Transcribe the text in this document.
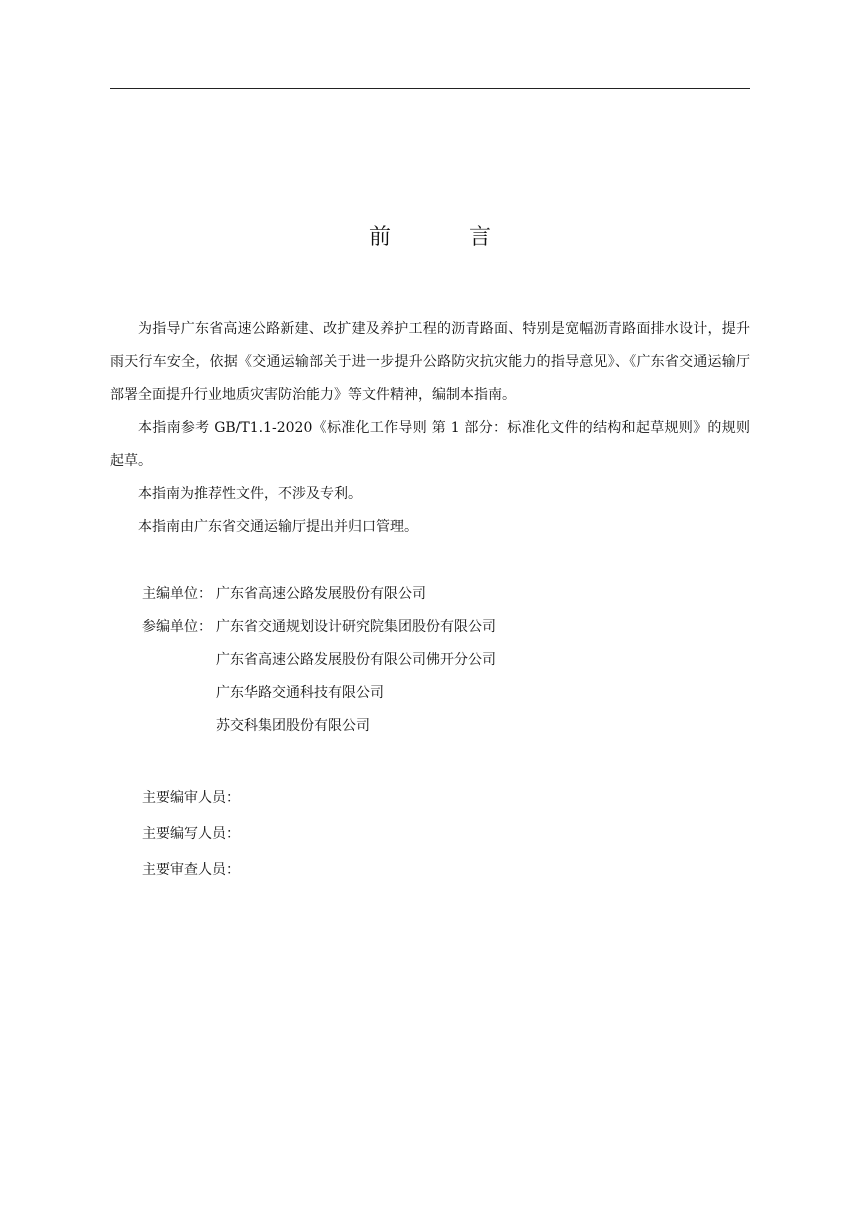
前　言

为指导广东省高速公路新建、改扩建及养护工程的沥青路面、特别是宽幅沥青路面排水设计，提升雨天行车安全，依据《交通运输部关于进一步提升公路防灾抗灾能力的指导意见》、《广东省交通运输厅部署全面提升行业地质灾害防治能力》等文件精神，编制本指南。

本指南参考 GB/T1.1-2020《标准化工作导则 第 1 部分：标准化文件的结构和起草规则》的规则起草。

本指南为推荐性文件，不涉及专利。

本指南由广东省交通运输厅提出并归口管理。

主编单位： 广东省高速公路发展股份有限公司
参编单位： 广东省交通规划设计研究院集团股份有限公司
广东省高速公路发展股份有限公司佛开分公司
广东华路交通科技有限公司
苏交科集团股份有限公司
主要编审人员：
主要编写人员：
主要审查人员：
